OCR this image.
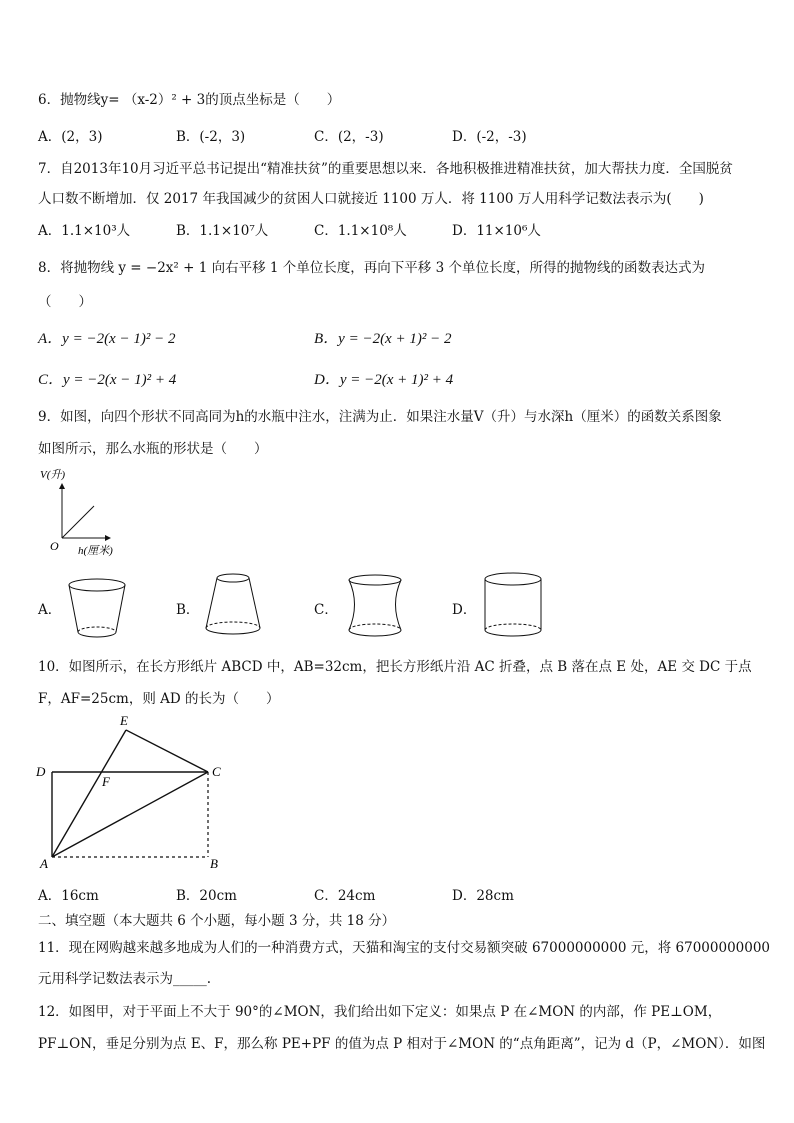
6．抛物线y= （x-2）² + 3的顶点坐标是（　　）
A．(2，3)	B．(-2，3)	C．(2，-3)	D．(-2，-3)
7．自2013年10月习近平总书记提出“精准扶贫”的重要思想以来．各地积极推进精准扶贫，加大帮扶力度．全国脱贫
人口数不断增加．仅 2017 年我国减少的贫困人口就接近 1100 万人．将 1100 万人用科学记数法表示为(　　)
A．1.1×10³人	B．1.1×10⁷人	C．1.1×10⁸人	D．11×10⁶人
8．将抛物线 y = −2x² + 1 向右平移 1 个单位长度，再向下平移 3 个单位长度，所得的抛物线的函数表达式为
（　　）
A．y = −2(x − 1)² − 2	B．y = −2(x + 1)² − 2
C．y = −2(x − 1)² + 4	D．y = −2(x + 1)² + 4
9．如图，向四个形状不同高同为h的水瓶中注水，注满为止．如果注水量V（升）与水深h（厘米）的函数关系图象
如图所示，那么水瓶的形状是（　　）
V(升)
O h(厘米)
A．	B．	C．	D．
10．如图所示，在长方形纸片 ABCD 中，AB=32cm，把长方形纸片沿 AC 折叠，点 B 落在点 E 处，AE 交 DC 于点
F，AF=25cm，则 AD 的长为（　　）
E
D	C
F
A	B
A．16cm	B．20cm	C．24cm	D．28cm
二、填空题（本大题共 6 个小题，每小题 3 分，共 18 分）
11．现在网购越来越多地成为人们的一种消费方式，天猫和淘宝的支付交易额突破 67000000000 元，将 67000000000
元用科学记数法表示为_____.
12．如图甲，对于平面上不大于 90°的∠MON，我们给出如下定义：如果点 P 在∠MON 的内部，作 PE⊥OM，
PF⊥ON，垂足分别为点 E、F，那么称 PE+PF 的值为点 P 相对于∠MON 的“点角距离”，记为 d（P，∠MON）．如图
